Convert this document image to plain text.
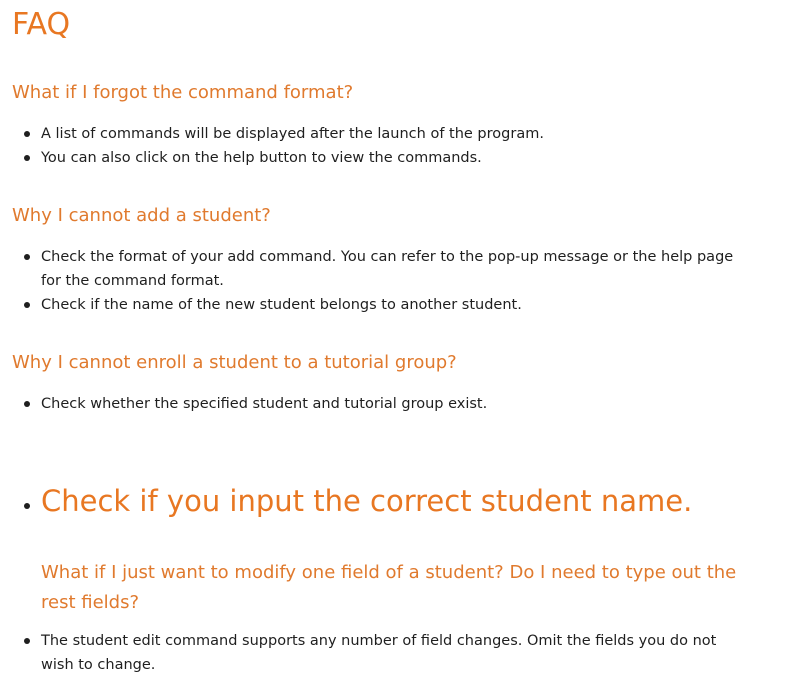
FAQ
What if I forgot the command format?
A list of commands will be displayed after the launch of the program.
You can also click on the help button to view the commands.
Why I cannot add a student?
Check the format of your add command. You can refer to the pop-up message or the help page for the command format.
Check if the name of the new student belongs to another student.
Why I cannot enroll a student to a tutorial group?
Check whether the specified student and tutorial group exist.
Check if you input the correct student name.
What if I just want to modify one field of a student? Do I need to type out the rest fields?
The student edit command supports any number of field changes. Omit the fields you do not wish to change.
